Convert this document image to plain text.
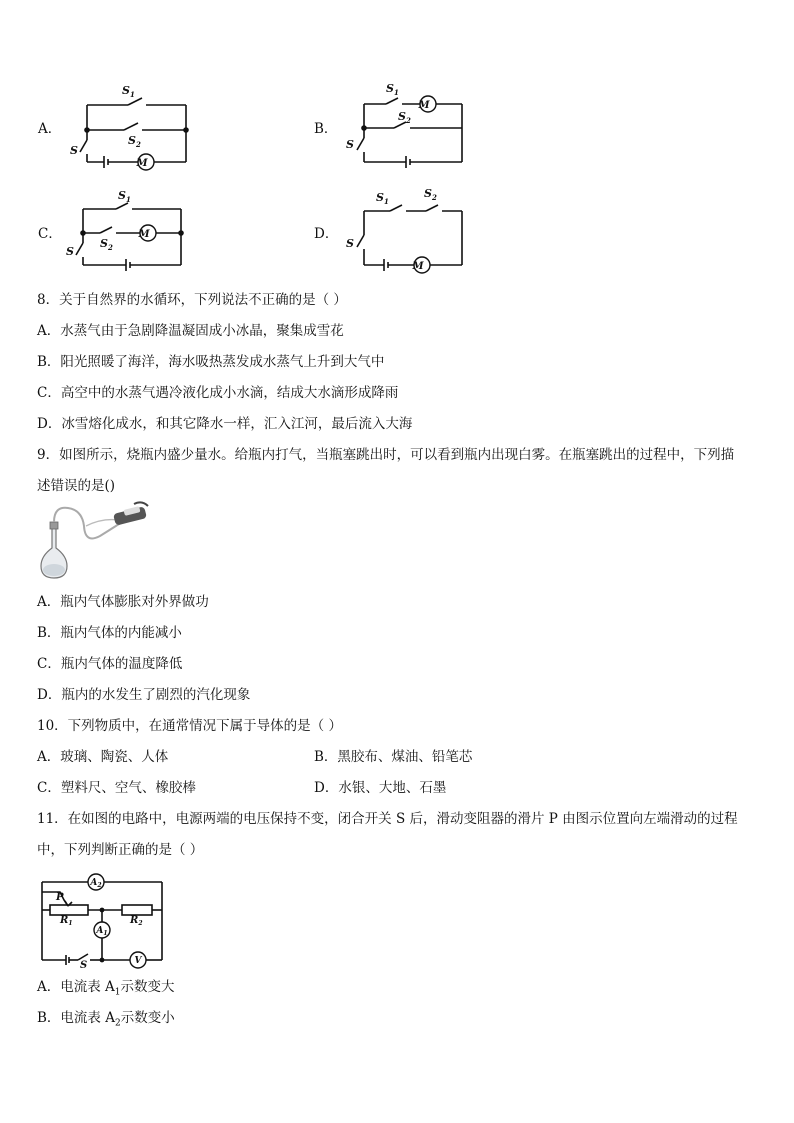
A．	B．
C．	D．
$S_1$
$S_2$
S
M
$S_1$
$S_2$
S
M
$S_1$
$S_2$
S
M
$S_1$
$S_2$
S
M
8．关于自然界的水循环，下列说法不正确的是（ ）
A．水蒸气由于急剧降温凝固成小冰晶，聚集成雪花
B．阳光照暖了海洋，海水吸热蒸发成水蒸气上升到大气中
C．高空中的水蒸气遇冷液化成小水滴，结成大水滴形成降雨
D．冰雪熔化成水，和其它降水一样，汇入江河，最后流入大海
9．如图所示，烧瓶内盛少量水。给瓶内打气，当瓶塞跳出时，可以看到瓶内出现白雾。在瓶塞跳出的过程中，下列描
述错误的是()
A．瓶内气体膨胀对外界做功
B．瓶内气体的内能减小
C．瓶内气体的温度降低
D．瓶内的水发生了剧烈的汽化现象
10．下列物质中，在通常情况下属于导体的是（ ）
A．玻璃、陶瓷、人体	B．黑胶布、煤油、铅笔芯
C．塑料尺、空气、橡胶棒	D．水银、大地、石墨
11．在如图的电路中，电源两端的电压保持不变，闭合开关 S 后，滑动变阻器的滑片 P 由图示位置向左端滑动的过程
中，下列判断正确的是（ ）
$A_2$
P
$R_1$	$R_2$
$A_1$
V
S
A．电流表 $A_1$示数变大
B．电流表 $A_2$示数变小
